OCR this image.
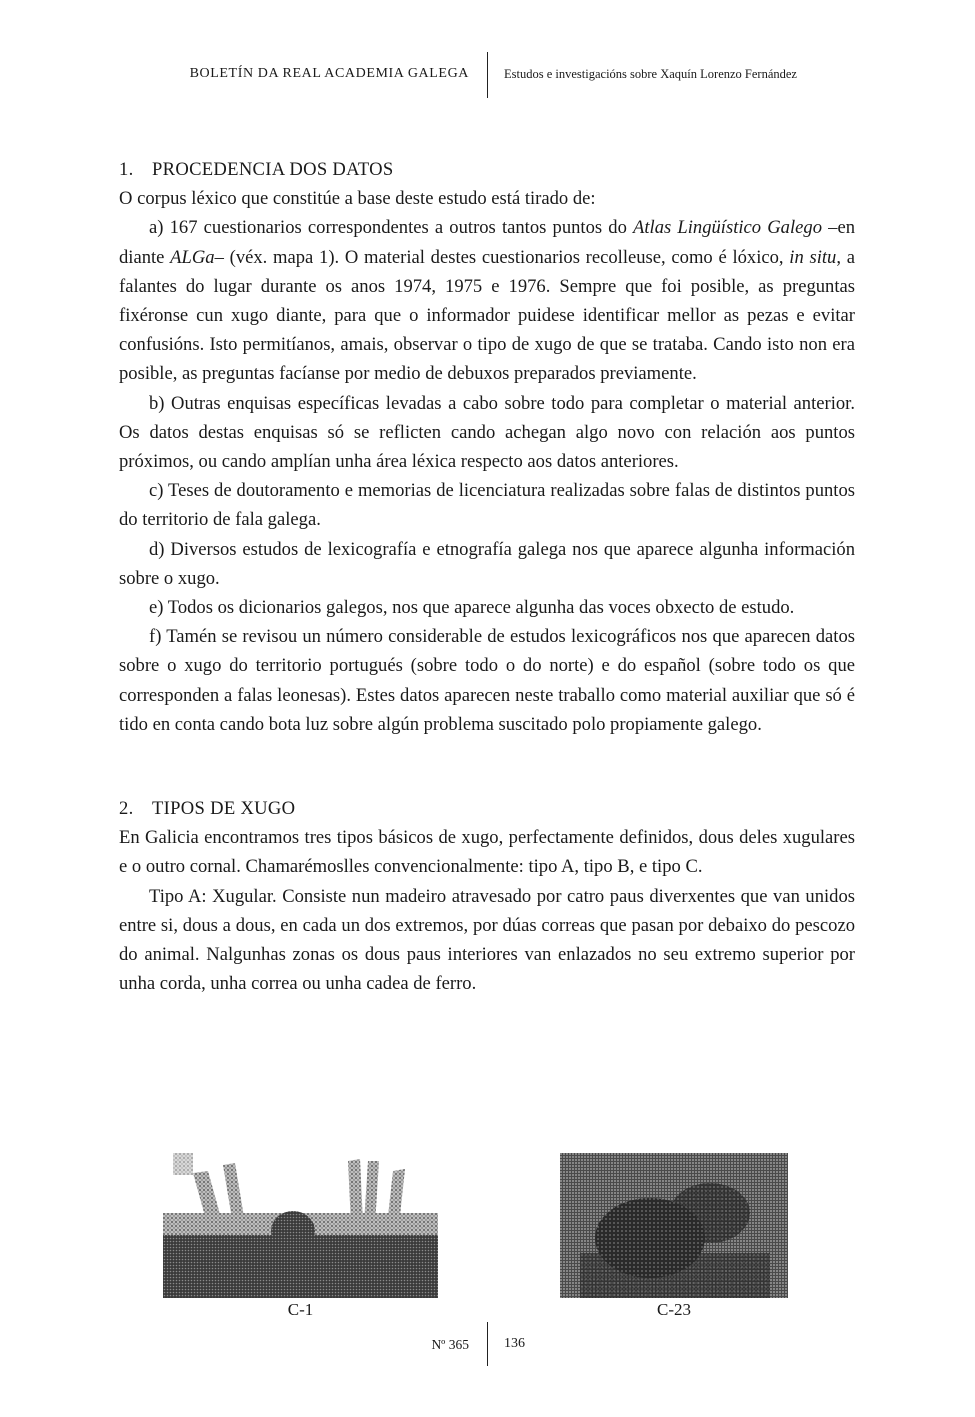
BOLETÍN DA REAL ACADEMIA GALEGA	Estudos e investigacións sobre Xaquín Lorenzo Fernández
1. PROCEDENCIA DOS DATOS

O corpus léxico que constitúe a base deste estudo está tirado de:

a) 167 cuestionarios correspondentes a outros tantos puntos do Atlas Lingüístico Galego –en diante ALGa– (vé​x. mapa 1). O material destes cuestionarios recolleuse, como é lóxico, in situ, a falantes do lugar durante os anos 1974, 1975 e 1976. Sempre que foi posible, as preguntas fixéronse cun xugo diante, para que o informador puidese identificar mellor as pezas e evitar confusións. Isto permitíanos, amais, observar o tipo de xugo de que se trataba. Cando isto non era posible, as preguntas facíanse por medio de debuxos preparados previamente.

b) Outras enquisas específicas levadas a cabo sobre todo para completar o material anterior. Os datos destas enquisas só se reflicten cando achegan algo novo con relación aos puntos próximos, ou cando amplían unha área léxica respecto aos datos anteriores.

c) Teses de doutoramento e memorias de licenciatura realizadas sobre falas de distintos puntos do territorio de fala galega.

d) Diversos estudos de lexicografía e etnografía galega nos que aparece algunha información sobre o xugo.

e) Todos os dicionarios galegos, nos que aparece algunha das voces obxecto de estudo.

f) Tamén se revisou un número considerable de estudos lexicográficos nos que aparecen datos sobre o xugo do territorio portugués (sobre todo o do norte) e do español (sobre todo os que corresponden a falas leonesas). Estes datos aparecen neste traballo como material auxiliar que só é tido en conta cando bota luz sobre algún problema suscitado polo propiamente galego.

2. TIPOS DE XUGO

En Galicia encontramos tres tipos básicos de xugo, perfectamente definidos, dous deles xugulares e o outro cornal. Chamarémoslles convencionalmente: tipo A, tipo B, e tipo C.

Tipo A: Xugular. Consiste nun madeiro atravesado por catro paus diverxentes que van unidos entre si, dous a dous, en cada un dos extremos, por dúas correas que pasan por debaixo do pescozo do animal. Nalgunhas zonas os dous paus interiores van enlazados no seu extremo superior por unha corda, unha correa ou unha cadea de ferro.

C-1	C-23
Nº 365	136
